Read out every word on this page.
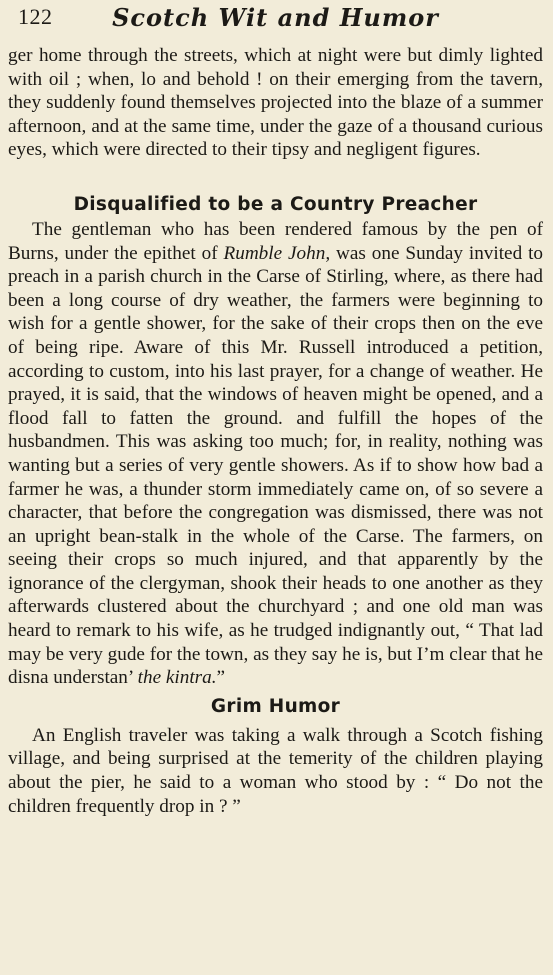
122	Scotch Wit and Humor

ger home through the streets, which at night were but dimly lighted with oil ; when, lo and behold ! on their emerging from the tavern, they suddenly found themselves projected into the blaze of a summer afternoon, and at the same time, under the gaze of a thousand curious eyes, which were directed to their tipsy and negligent figures.

Disqualified to be a Country Preacher

The gentleman who has been rendered famous by the pen of Burns, under the epithet of Rumble John, was one Sunday invited to preach in a parish church in the Carse of Stirling, where, as there had been a long course of dry weather, the farmers were beginning to wish for a gentle shower, for the sake of their crops then on the eve of being ripe. Aware of this Mr. Russell introduced a petition, according to custom, into his last prayer, for a change of weather. He prayed, it is said, that the windows of heaven might be opened, and a flood fall to fatten the ground. and fulfill the hopes of the husbandmen. This was asking too much; for, in reality, nothing was wanting but a series of very gentle showers. As if to show how bad a farmer he was, a thunder storm immediately came on, of so severe a character, that before the congregation was dismissed, there was not an upright bean-stalk in the whole of the Carse. The farmers, on seeing their crops so much injured, and that apparently by the ignorance of the clergyman, shook their heads to one another as they afterwards clustered about the churchyard ; and one old man was heard to remark to his wife, as he trudged indignantly out, “ That lad may be very gude for the town, as they say he is, but I’m clear that he disna understan’ the kintra.”

Grim Humor

An English traveler was taking a walk through a Scotch fishing village, and being surprised at the temerity of the children playing about the pier, he said to a woman who stood by : “ Do not the children frequently drop in ? ”
